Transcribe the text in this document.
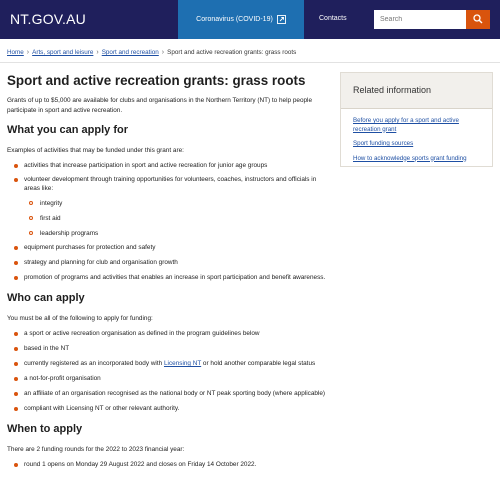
NT.GOV.AU	Coronavirus (COVID-19)	Contacts
Search
Home › Arts, sport and leisure › Sport and recreation › Sport and active recreation grants: grass roots
Sport and active recreation grants: grass roots

Grants of up to $5,000 are available for clubs and organisations in the Northern Territory (NT) to help people participate in sport and active recreation.

What you can apply for

Examples of activities that may be funded under this grant are:

activities that increase participation in sport and active recreation for junior age groups
volunteer development through training opportunities for volunteers, coaches, instructors and officials in areas like:
integrity
first aid
leadership programs
equipment purchases for protection and safety
strategy and planning for club and organisation growth
promotion of programs and activities that enables an increase in sport participation and benefit awareness.
Who can apply

You must be all of the following to apply for funding:

a sport or active recreation organisation as defined in the program guidelines below
based in the NT
currently registered as an incorporated body with Licensing NT or hold another comparable legal status
a not-for-profit organisation
an affiliate of an organisation recognised as the national body or NT peak sporting body (where applicable)
compliant with Licensing NT or other relevant authority.
When to apply

There are 2 funding rounds for the 2022 to 2023 financial year:

round 1 opens on Monday 29 August 2022 and closes on Friday 14 October 2022.
Related information
Before you apply for a sport and active recreation grant
Sport funding sources
How to acknowledge sports grant funding
